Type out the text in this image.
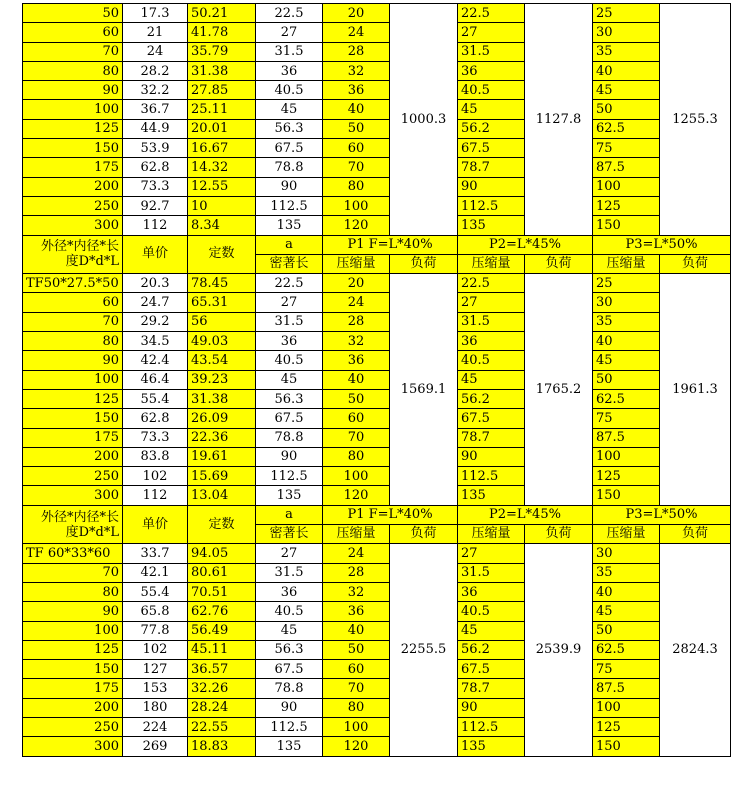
50	17.3	50.21	22.5	20	1000.3	22.5	1127.8	25	1255.3
60	21	41.78	27	24		27		30	
70	24	35.79	31.5	28		31.5		35	
80	28.2	31.38	36	32		36		40	
90	32.2	27.85	40.5	36		40.5		45	
100	36.7	25.11	45	40		45		50	
125	44.9	20.01	56.3	50		56.2		62.5	
150	53.9	16.67	67.5	60		67.5		75	
175	62.8	14.32	78.8	70		78.7		87.5	
200	73.3	12.55	90	80		90		100	
250	92.7	10	112.5	100		112.5		125	
300	112	8.34	135	120		135		150	

外径*内径*长
度D*d*L	单价	定数	a	P1 F=L*40%		P2=L*45%		P3=L*50%	
			密著长	压缩量	负荷	压缩量	负荷	压缩量	负荷
TF50*27.5*50	20.3	78.45	22.5	20	1569.1	22.5	1765.2	25	1961.3
60	24.7	65.31	27	24		27		30	
70	29.2	56	31.5	28		31.5		35	
80	34.5	49.03	36	32		36		40	
90	42.4	43.54	40.5	36		40.5		45	
100	46.4	39.23	45	40		45		50	
125	55.4	31.38	56.3	50		56.2		62.5	
150	62.8	26.09	67.5	60		67.5		75	
175	73.3	22.36	78.8	70		78.7		87.5	
200	83.8	19.61	90	80		90		100	
250	102	15.69	112.5	100		112.5		125	
300	112	13.04	135	120		135		150	

外径*内径*长
度D*d*L	单价	定数	a	P1 F=L*40%		P2=L*45%		P3=L*50%	
			密著长	压缩量	负荷	压缩量	负荷	压缩量	负荷
TF 60*33*60	33.7	94.05	27	24	2255.5	27	2539.9	30	2824.3
70	42.1	80.61	31.5	28		31.5		35	
80	55.4	70.51	36	32		36		40	
90	65.8	62.76	40.5	36		40.5		45	
100	77.8	56.49	45	40		45		50	
125	102	45.11	56.3	50		56.2		62.5	
150	127	36.57	67.5	60		67.5		75	
175	153	32.26	78.8	70		78.7		87.5	
200	180	28.24	90	80		90		100	
250	224	22.55	112.5	100		112.5		125	
300	269	18.83	135	120		135		150	
